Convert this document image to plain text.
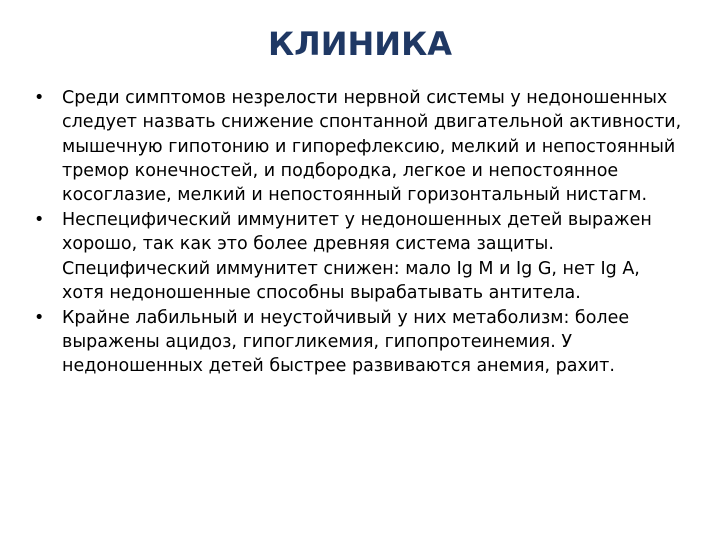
КЛИНИКА
•	Среди симптомов незрелости нервной системы у недоношенных следует назвать снижение спонтанной двигательной активности, мышечную гипотонию и гипорефлексию, мелкий и непостоянный тремор конечностей, и подбородка, легкое и непостоянное косоглазие, мелкий и непостоянный горизонтальный нистагм.
•	Неспецифический иммунитет у недоношенных детей выражен хорошо, так как это более древняя система защиты. Специфический иммунитет снижен: мало Ig M и Ig G, нет Ig A, хотя недоношенные способны вырабатывать антитела.
•	Крайне лабильный и неустойчивый у них метаболизм: более выражены ацидоз, гипогликемия, гипопротеинемия. У недоношенных детей быстрее развиваются анемия, рахит.
